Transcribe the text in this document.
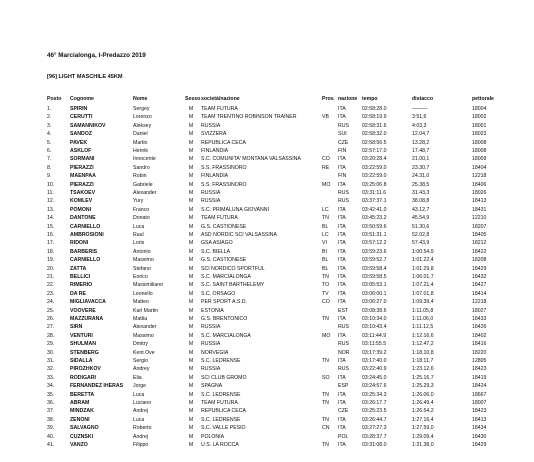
46° Marcialonga, I-Predazzo 2019
[96] LIGHT MASCHILE 45KM
Posto	Cognome	Nome	Sesso società/nazione	Prov. nazione tempo	distacco	pettorale
1.	SPIRIN	Sergey	M	TEAM FUTURA	ITA	02:58:28.0	———	18004
2.	CERUTTI	Lorenzo	M	TEAM TRENTINO ROBINSON TRAINER	VB	ITA	02:58:19.9	3:51,6	18002
3.	SAMANNIKOV	Aleksey	M	RUSSIA	RUS	02:58:31.6	4:03,3	18001
4.	SANDOZ	Daniel	M	SVIZZERA	SUI	02:58:32.0	12.04,7	18023
5.	PAVEK	Martin	M	REPUBLICA CECA	CZE	02:58:56.5	13.28,2	18008
6.	ASKLOF	Henrik	M	FINLANDIA	FIN	02:57:17.0	17.48,7	18008
7.	SORMANI	Innocente	M	S.C. COMUNITA' MONTANA VALSASSINA	CO	ITA	03:20:28.4	21.00,1	18009
8.	PIERAZZI	Sandro	M	S.S. FRASSINORO	RE	ITA	03:22:59.0	23.30,7	18404
9.	MAENPAA	Robin	M	FINLANDIA	FIN	03:22:59.0	24.31,0	12218
10.	PIERAZZI	Gabriele	M	S.S. FRASSINORO	MO	ITA	03:25:06.8	25.38,5	18406
11.	TSAKOEV	Alexander	M	RUSSIA	RUS	03:31:11.6	31.43,3	18026
12.	KOMLEV	Yury	M	RUSSIA	RUS	03:37:37.1	38.08,8	18413
13.	POMONI	Franco	M	S.C. PRIMALUNA GIOVANNI	LC	ITA	03:42:41.0	43.12,7	18431
14.	DANTONE	Donato	M	TEAM FUTURA	TN	ITA	03:45:23.2	45.54,9	12210
15.	CARNIELLO	Luca	M	G.S. CASTIONESE	BL	ITA	03:50:59.6	51.30,6	18207
16.	AMBROSIONI	Raul	M	ASD NORDIC SCI VALSASSINA	LC	ITA	03:51:31.1	52.02,8	18405
17.	RIDONI	Loris	M	GSA ASIAGO	VI	ITA	03:57:12.2	57.43,9	18212
18.	BARBERIS	Antonio	M	S.C. BIELLA	BI	ITA	03:59:23.6	1:00.54,9	18422
19.	CARNIELLO	Massimo	M	G.S. CASTIONESE	BL	ITA	03:59:52.7	1:01.22,4	18208
20.	ZATTA	Stefano	M	SCI NORDICO SPORTFUL	BL	ITA	03:59:58.4	1:01.29,8	18429
21.	BELLICI	Enrico	M	S.C. MARCIALONGA	TN	ITA	03:59:58.5	1:06.01,7	18432
22.	RIMERIO	Massimiliano	M	S.C. SAINT BARTHELEMY	TO	ITA	03:05:53.1	1:07.21,4	18427
23.	DA RE	Leonello	M	S.C. ORSAGO	TV	ITA	03:06:00.1	1:07.01,8	18414
24.	MIGLIAVACCA	Matteo	M	PER SPORT A.S.D.	CO	ITA	03:06:27.0	1:09.39,4	12218
25.	VOOVERE	Karl Martin	M	ESTONIA	EST	03:08:38.6	1:11.05,8	18027
26.	MAZZURANA	Mattia	M	G.S. BRENTONICO	TN	ITA	03:10:34.0	1:11.06,0	18433
27.	SIRN	Alexander	M	RUSSIA	RUS	03:10:43.4	1:11.12,5	18426
28.	VENTURI	Massimo	M	S.C. MARCIALONGA	MO	ITA	03:11:44.9	1:12.16,6	18402
29.	SHULMAN	Dmitry	M	RUSSIA	RUS	03:11:55.5	1:12.47,2	18416
30.	STENBERG	Kent Ove	M	NORVEGIA	NOR	03:17:39.2	1:18.10,8	18220
31.	SIDALLA	Sergio	M	S.C. LEDRENSE	TN	ITA	03:17:40.0	1:18.11,7	12805
32.	PIROZHKOV	Andrey	M	RUSSIA	RUS	03:22:40.9	1:23.12,6	18423
33.	RODIGARI	Elia	M	SCI CLUB GROMO	SO	ITA	03:24:45.0	1:25.16,7	18419
34.	FERNANDEZ IHERAS	Jorge	M	SPAGNA	ESP	03:24:57.6	1:25.29,3	18424
35.	BERETTA	Luca	M	S.C. LEDRENSE	TN	ITA	03:25:34.3	1:26.06,0	18667
36.	ABRAM	Luciano	M	TEAM FUTURA	TN	ITA	03:26:17.7	1:26.49,4	18007
37.	MINDZAK	Andrej	M	REPUBLICA CECA	CZE	03:25:23.5	1:26.54,2	18423
38.	ZENONI	Luca	M	S.C. LEDRENSE	TN	ITA	03:26:44.7	1:27.16,4	18413
39.	SALVAGNO	Roberto	M	S.C. VALLE PESIO	CN	ITA	03:27:27.3	1:27.59,0	18434
40.	CUZNSKI	Andrej	M	POLONIA	POL	03:28:37.7	1:29.09,4	18430
41.	VANZO	Filippo	M	U.S. LA ROCCA	TN	ITA	03:31:08.0	1:31.38,0	18429
